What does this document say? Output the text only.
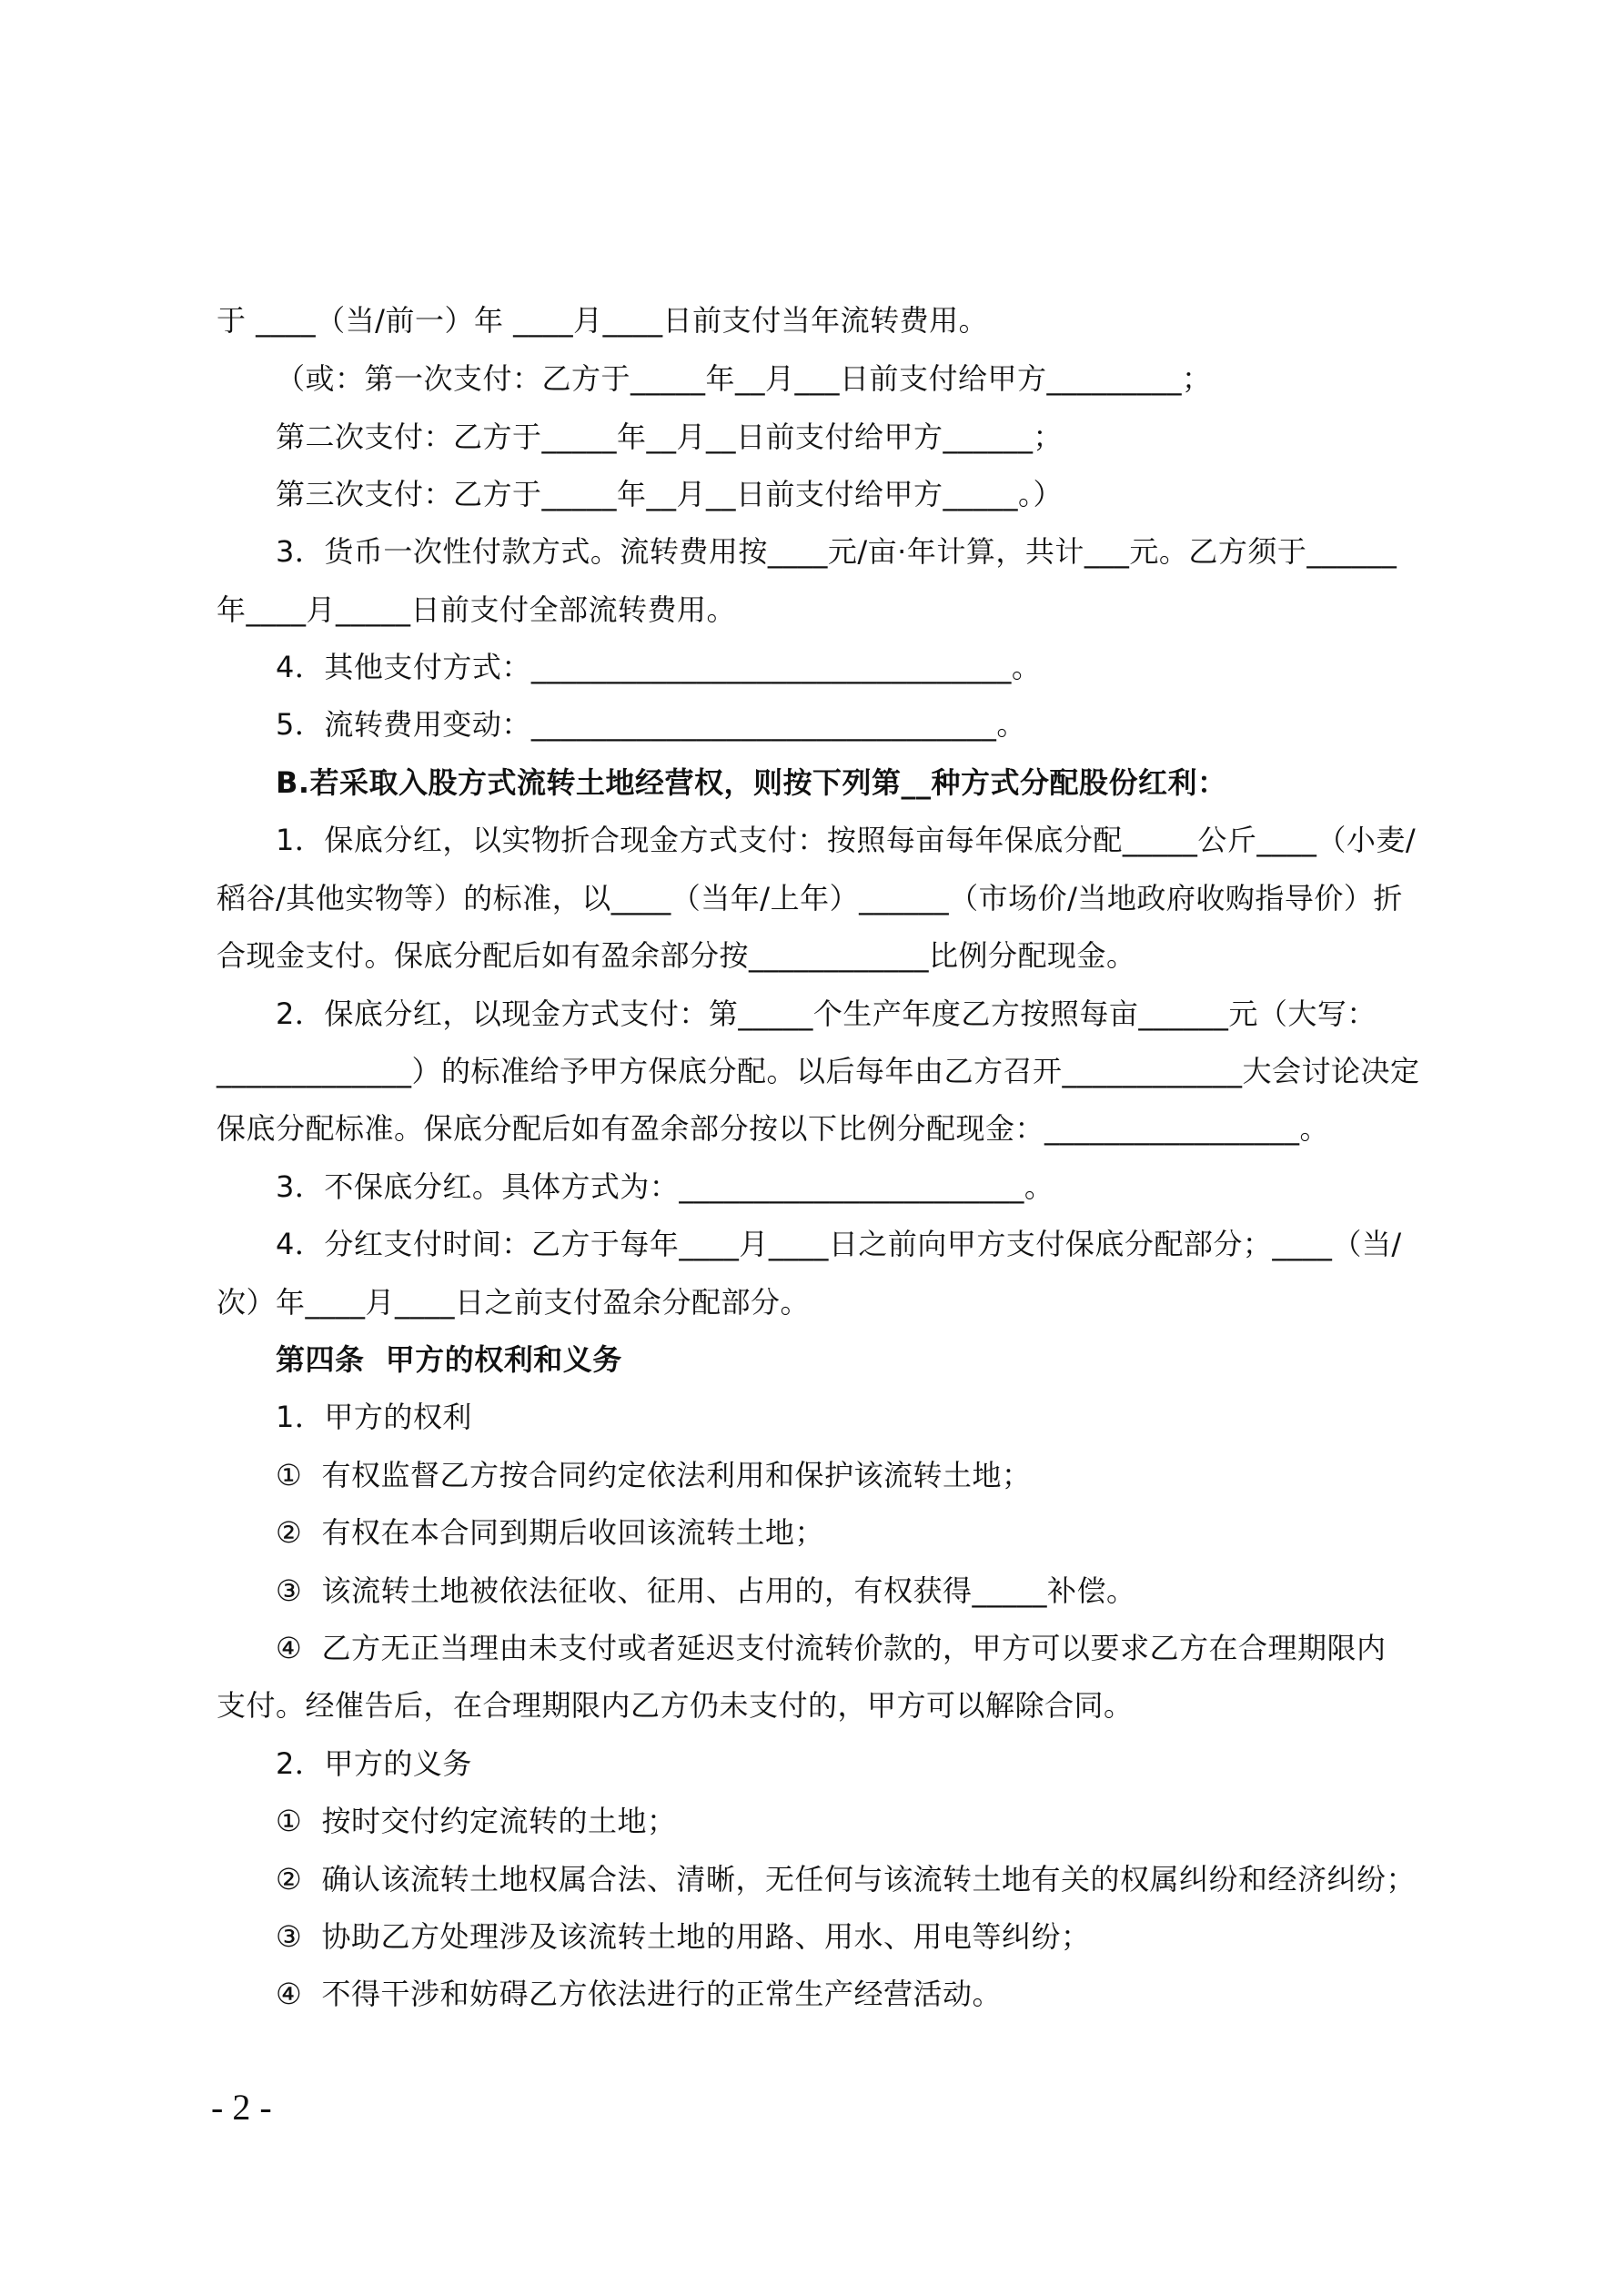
于 ____（当/前一）年 ____月____日前支付当年流转费用。
（或：第一次支付：乙方于_____年__月___日前支付给甲方_________；
第二次支付：乙方于_____年__月__日前支付给甲方______；
第三次支付：乙方于_____年__月__日前支付给甲方_____。）
3．货币一次性付款方式。流转费用按____元/亩·年计算，共计___元。乙方须于______
年____月_____日前支付全部流转费用。
4．其他支付方式：________________________________。
5．流转费用变动：_______________________________。
B.若采取入股方式流转土地经营权，则按下列第__种方式分配股份红利：
1．保底分红，以实物折合现金方式支付：按照每亩每年保底分配_____公斤____（小麦/
稻谷/其他实物等）的标准，以____（当年/上年）______（市场价/当地政府收购指导价）折
合现金支付。保底分配后如有盈余部分按____________比例分配现金。
2．保底分红，以现金方式支付：第_____个生产年度乙方按照每亩______元（大写：
_____________）的标准给予甲方保底分配。以后每年由乙方召开____________大会讨论决定
保底分配标准。保底分配后如有盈余部分按以下比例分配现金：_________________。
3．不保底分红。具体方式为：_______________________。
4．分红支付时间：乙方于每年____月____日之前向甲方支付保底分配部分；____（当/
次）年____月____日之前支付盈余分配部分。
第四条  甲方的权利和义务
1．甲方的权利
①  有权监督乙方按合同约定依法利用和保护该流转土地；
②  有权在本合同到期后收回该流转土地；
③  该流转土地被依法征收、征用、占用的，有权获得_____补偿。
④  乙方无正当理由未支付或者延迟支付流转价款的，甲方可以要求乙方在合理期限内
支付。经催告后，在合理期限内乙方仍未支付的，甲方可以解除合同。
2．甲方的义务
①  按时交付约定流转的土地；
②  确认该流转土地权属合法、清晰，无任何与该流转土地有关的权属纠纷和经济纠纷；
③  协助乙方处理涉及该流转土地的用路、用水、用电等纠纷；
④  不得干涉和妨碍乙方依法进行的正常生产经营活动。
- 2 -
